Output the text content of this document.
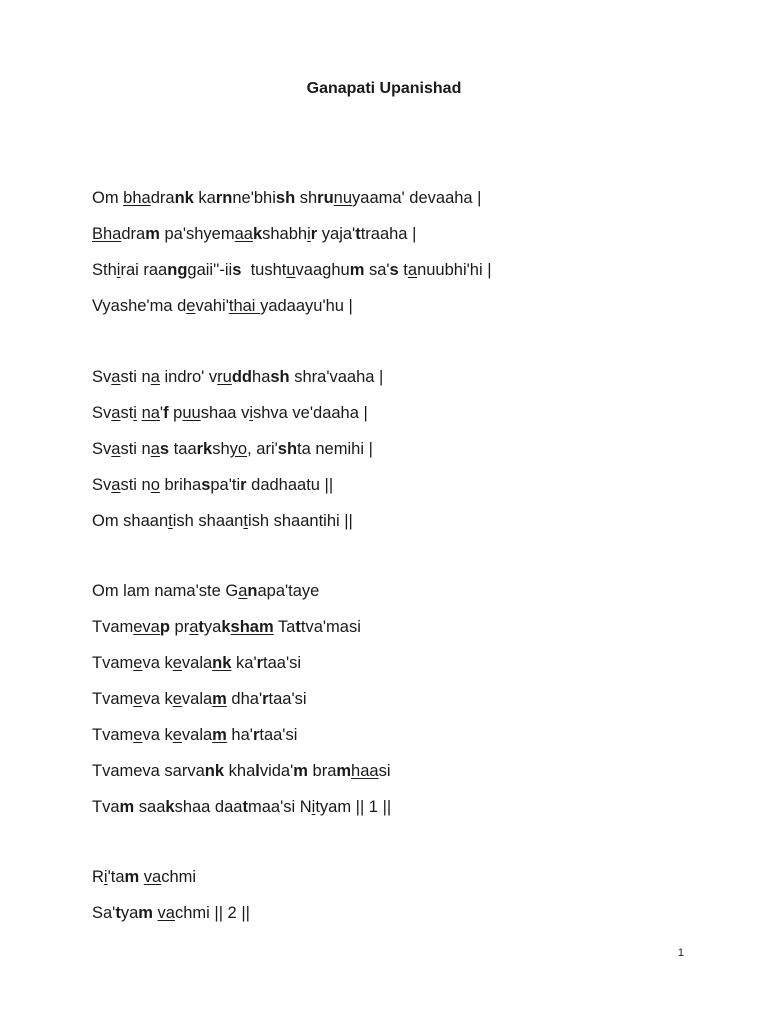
Ganapati Upanishad
Om bhadrank karnne'bhish shrunuyaama' devaaha |
Bhadram pa'shyemaakshabhir yaja'ttraaha |
Sthirai raanggaii''-iis  tushtuvaaghum sa's tanuubhi'hi |
Vyashe'ma devahi'thai yadaayu'hu |
Svasti na indro' vruddhash shra'vaaha |
Svasti na'f puushaa vishva ve'daaha |
Svasti nas taarkshyo, ari'shta nemihi |
Svasti no brihaspa'tir dadhaatu ||
Om shaantish shaantish shaantihi ||
Om lam nama'ste Ganapa'taye
Tvamevap pratyaksham Tattva'masi
Tvameva kevalank ka'rtaa'si
Tvameva kevalam dha'rtaa'si
Tvameva kevalam ha'rtaa'si
Tvameva sarvank khalvida'm bramhaasi
Tvam saakshaa daatmaa'si Nityam || 1 ||
Ri'tam vachmi
Sa'tyam vachmi || 2 ||
1
